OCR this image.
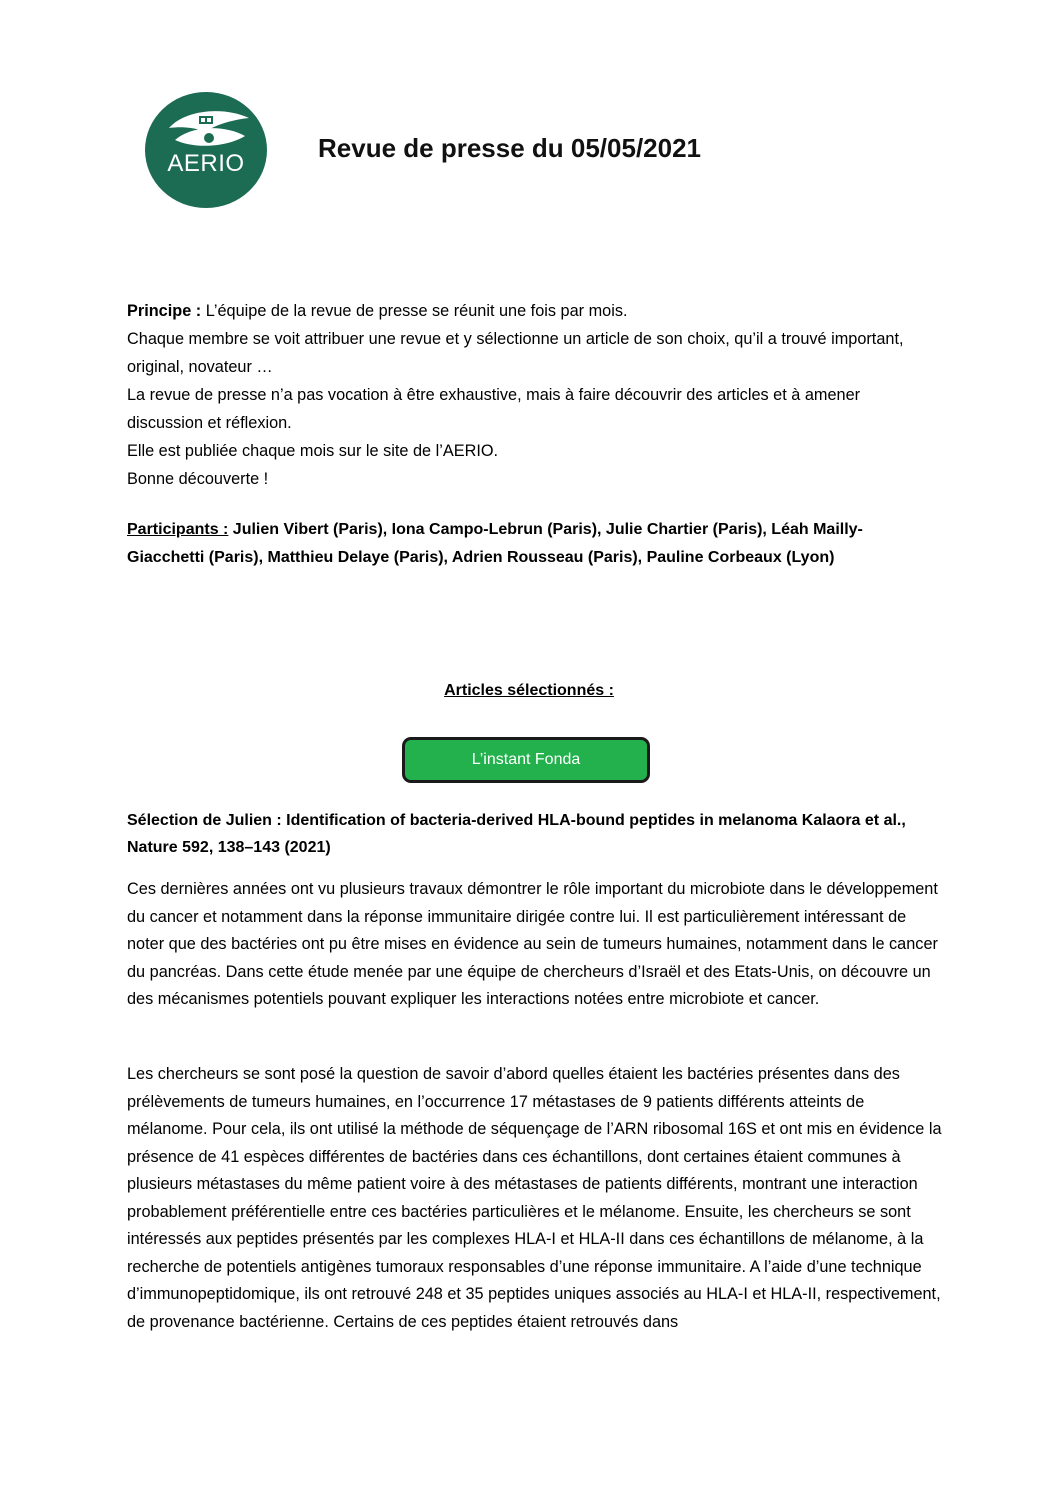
AERIO
Revue de presse du 05/05/2021

Principe : L’équipe de la revue de presse se réunit une fois par mois.

Chaque membre se voit attribuer une revue et y sélectionne un article de son choix, qu’il a trouvé important, original, novateur …

La revue de presse n’a pas vocation à être exhaustive, mais à faire découvrir des articles et à amener discussion et réflexion.

Elle est publiée chaque mois sur le site de l’AERIO.

Bonne découverte !

Participants : Julien Vibert (Paris), Iona Campo-Lebrun (Paris), Julie Chartier (Paris), Léah Mailly-Giacchetti (Paris), Matthieu Delaye (Paris), Adrien Rousseau (Paris), Pauline Corbeaux (Lyon)
Articles sélectionnés :
L’instant Fonda
Sélection de Julien : Identification of bacteria-derived HLA-bound peptides in melanoma Kalaora et al., Nature 592, 138–143 (2021)

Ces dernières années ont vu plusieurs travaux démontrer le rôle important du microbiote dans le développement du cancer et notamment dans la réponse immunitaire dirigée contre lui. Il est particulièrement intéressant de noter que des bactéries ont pu être mises en évidence au sein de tumeurs humaines, notamment dans le cancer du pancréas. Dans cette étude menée par une équipe de chercheurs d’Israël et des Etats-Unis, on découvre un des mécanismes potentiels pouvant expliquer les interactions notées entre microbiote et cancer.

Les chercheurs se sont posé la question de savoir d’abord quelles étaient les bactéries présentes dans des prélèvements de tumeurs humaines, en l’occurrence 17 métastases de 9 patients différents atteints de mélanome. Pour cela, ils ont utilisé la méthode de séquençage de l’ARN ribosomal 16S et ont mis en évidence la présence de 41 espèces différentes de bactéries dans ces échantillons, dont certaines étaient communes à plusieurs métastases du même patient voire à des métastases de patients différents, montrant une interaction probablement préférentielle entre ces bactéries particulières et le mélanome. Ensuite, les chercheurs se sont intéressés aux peptides présentés par les complexes HLA-I et HLA-II dans ces échantillons de mélanome, à la recherche de potentiels antigènes tumoraux responsables d’une réponse immunitaire. A l’aide d’une technique d’immunopeptidomique, ils ont retrouvé 248 et 35 peptides uniques associés au HLA-I et HLA-II, respectivement, de provenance bactérienne. Certains de ces peptides étaient retrouvés dans
